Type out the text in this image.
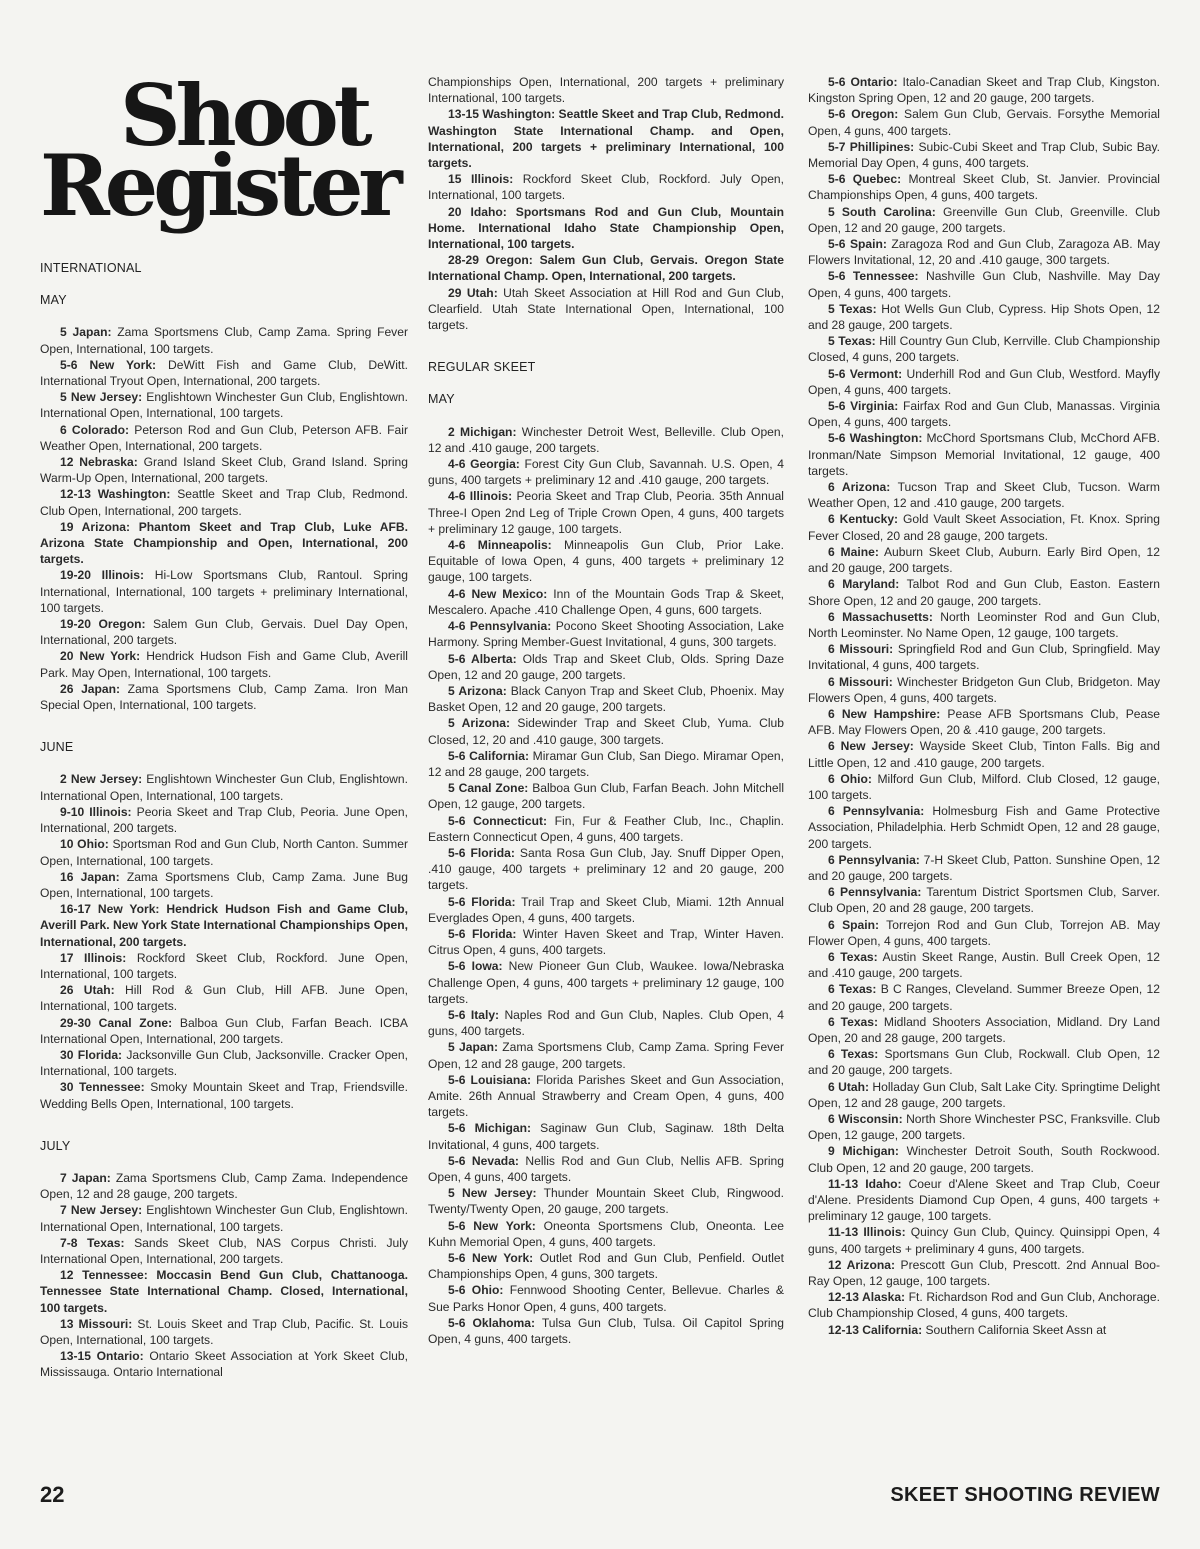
Shoot
Register

INTERNATIONAL

MAY

5 Japan: Zama Sportsmens Club, Camp Zama. Spring Fever Open, International, 100 targets.

5-6 New York: DeWitt Fish and Game Club, DeWitt. International Tryout Open, International, 200 targets.

5 New Jersey: Englishtown Winchester Gun Club, Englishtown. International Open, International, 100 targets.

6 Colorado: Peterson Rod and Gun Club, Peterson AFB. Fair Weather Open, International, 200 targets.

12 Nebraska: Grand Island Skeet Club, Grand Island. Spring Warm-Up Open, International, 200 targets.

12-13 Washington: Seattle Skeet and Trap Club, Redmond. Club Open, International, 200 targets.

19 Arizona: Phantom Skeet and Trap Club, Luke AFB. Arizona State Championship and Open, International, 200 targets.

19-20 Illinois: Hi-Low Sportsmans Club, Rantoul. Spring International, International, 100 targets + preliminary International, 100 targets.

19-20 Oregon: Salem Gun Club, Gervais. Duel Day Open, International, 200 targets.

20 New York: Hendrick Hudson Fish and Game Club, Averill Park. May Open, International, 100 targets.

26 Japan: Zama Sportsmens Club, Camp Zama. Iron Man Special Open, International, 100 targets.

JUNE

2 New Jersey: Englishtown Winchester Gun Club, Englishtown. International Open, International, 100 targets.

9-10 Illinois: Peoria Skeet and Trap Club, Peoria. June Open, International, 200 targets.

10 Ohio: Sportsman Rod and Gun Club, North Canton. Summer Open, International, 100 targets.

16 Japan: Zama Sportsmens Club, Camp Zama. June Bug Open, International, 100 targets.

16-17 New York: Hendrick Hudson Fish and Game Club, Averill Park. New York State International Championships Open, International, 200 targets.

17 Illinois: Rockford Skeet Club, Rockford. June Open, International, 100 targets.

26 Utah: Hill Rod & Gun Club, Hill AFB. June Open, International, 100 targets.

29-30 Canal Zone: Balboa Gun Club, Farfan Beach. ICBA International Open, International, 200 targets.

30 Florida: Jacksonville Gun Club, Jacksonville. Cracker Open, International, 100 targets.

30 Tennessee: Smoky Mountain Skeet and Trap, Friendsville. Wedding Bells Open, International, 100 targets.

JULY

7 Japan: Zama Sportsmens Club, Camp Zama. Independence Open, 12 and 28 gauge, 200 targets.

7 New Jersey: Englishtown Winchester Gun Club, Englishtown. International Open, International, 100 targets.

7-8 Texas: Sands Skeet Club, NAS Corpus Christi. July International Open, International, 200 targets.

12 Tennessee: Moccasin Bend Gun Club, Chattanooga. Tennessee State International Champ. Closed, International, 100 targets.

13 Missouri: St. Louis Skeet and Trap Club, Pacific. St. Louis Open, International, 100 targets.

13-15 Ontario: Ontario Skeet Association at York Skeet Club, Mississauga. Ontario International

Championships Open, International, 200 targets + preliminary International, 100 targets.

13-15 Washington: Seattle Skeet and Trap Club, Redmond. Washington State International Champ. and Open, International, 200 targets + preliminary International, 100 targets.

15 Illinois: Rockford Skeet Club, Rockford. July Open, International, 100 targets.

20 Idaho: Sportsmans Rod and Gun Club, Mountain Home. International Idaho State Championship Open, International, 100 targets.

28-29 Oregon: Salem Gun Club, Gervais. Oregon State International Champ. Open, International, 200 targets.

29 Utah: Utah Skeet Association at Hill Rod and Gun Club, Clearfield. Utah State International Open, International, 100 targets.

REGULAR SKEET

MAY

2 Michigan: Winchester Detroit West, Belleville. Club Open, 12 and .410 gauge, 200 targets.

4-6 Georgia: Forest City Gun Club, Savannah. U.S. Open, 4 guns, 400 targets + preliminary 12 and .410 gauge, 200 targets.

4-6 Illinois: Peoria Skeet and Trap Club, Peoria. 35th Annual Three-I Open 2nd Leg of Triple Crown Open, 4 guns, 400 targets + preliminary 12 gauge, 100 targets.

4-6 Minneapolis: Minneapolis Gun Club, Prior Lake. Equitable of Iowa Open, 4 guns, 400 targets + preliminary 12 gauge, 100 targets.

4-6 New Mexico: Inn of the Mountain Gods Trap & Skeet, Mescalero. Apache .410 Challenge Open, 4 guns, 600 targets.

4-6 Pennsylvania: Pocono Skeet Shooting Association, Lake Harmony. Spring Member-Guest Invitational, 4 guns, 300 targets.

5-6 Alberta: Olds Trap and Skeet Club, Olds. Spring Daze Open, 12 and 20 gauge, 200 targets.

5 Arizona: Black Canyon Trap and Skeet Club, Phoenix. May Basket Open, 12 and 20 gauge, 200 targets.

5 Arizona: Sidewinder Trap and Skeet Club, Yuma. Club Closed, 12, 20 and .410 gauge, 300 targets.

5-6 California: Miramar Gun Club, San Diego. Miramar Open, 12 and 28 gauge, 200 targets.

5 Canal Zone: Balboa Gun Club, Farfan Beach. John Mitchell Open, 12 gauge, 200 targets.

5-6 Connecticut: Fin, Fur & Feather Club, Inc., Chaplin. Eastern Connecticut Open, 4 guns, 400 targets.

5-6 Florida: Santa Rosa Gun Club, Jay. Snuff Dipper Open, .410 gauge, 400 targets + preliminary 12 and 20 gauge, 200 targets.

5-6 Florida: Trail Trap and Skeet Club, Miami. 12th Annual Everglades Open, 4 guns, 400 targets.

5-6 Florida: Winter Haven Skeet and Trap, Winter Haven. Citrus Open, 4 guns, 400 targets.

5-6 Iowa: New Pioneer Gun Club, Waukee. Iowa/Nebraska Challenge Open, 4 guns, 400 targets + preliminary 12 gauge, 100 targets.

5-6 Italy: Naples Rod and Gun Club, Naples. Club Open, 4 guns, 400 targets.

5 Japan: Zama Sportsmens Club, Camp Zama. Spring Fever Open, 12 and 28 gauge, 200 targets.

5-6 Louisiana: Florida Parishes Skeet and Gun Association, Amite. 26th Annual Strawberry and Cream Open, 4 guns, 400 targets.

5-6 Michigan: Saginaw Gun Club, Saginaw. 18th Delta Invitational, 4 guns, 400 targets.

5-6 Nevada: Nellis Rod and Gun Club, Nellis AFB. Spring Open, 4 guns, 400 targets.

5 New Jersey: Thunder Mountain Skeet Club, Ringwood. Twenty/Twenty Open, 20 gauge, 200 targets.

5-6 New York: Oneonta Sportsmens Club, Oneonta. Lee Kuhn Memorial Open, 4 guns, 400 targets.

5-6 New York: Outlet Rod and Gun Club, Penfield. Outlet Championships Open, 4 guns, 300 targets.

5-6 Ohio: Fennwood Shooting Center, Bellevue. Charles & Sue Parks Honor Open, 4 guns, 400 targets.

5-6 Oklahoma: Tulsa Gun Club, Tulsa. Oil Capitol Spring Open, 4 guns, 400 targets.

5-6 Ontario: Italo-Canadian Skeet and Trap Club, Kingston. Kingston Spring Open, 12 and 20 gauge, 200 targets.

5-6 Oregon: Salem Gun Club, Gervais. Forsythe Memorial Open, 4 guns, 400 targets.

5-7 Phillipines: Subic-Cubi Skeet and Trap Club, Subic Bay. Memorial Day Open, 4 guns, 400 targets.

5-6 Quebec: Montreal Skeet Club, St. Janvier. Provincial Championships Open, 4 guns, 400 targets.

5 South Carolina: Greenville Gun Club, Greenville. Club Open, 12 and 20 gauge, 200 targets.

5-6 Spain: Zaragoza Rod and Gun Club, Zaragoza AB. May Flowers Invitational, 12, 20 and .410 gauge, 300 targets.

5-6 Tennessee: Nashville Gun Club, Nashville. May Day Open, 4 guns, 400 targets.

5 Texas: Hot Wells Gun Club, Cypress. Hip Shots Open, 12 and 28 gauge, 200 targets.

5 Texas: Hill Country Gun Club, Kerrville. Club Championship Closed, 4 guns, 200 targets.

5-6 Vermont: Underhill Rod and Gun Club, Westford. Mayfly Open, 4 guns, 400 targets.

5-6 Virginia: Fairfax Rod and Gun Club, Manassas. Virginia Open, 4 guns, 400 targets.

5-6 Washington: McChord Sportsmans Club, McChord AFB. Ironman/Nate Simpson Memorial Invitational, 12 gauge, 400 targets.

6 Arizona: Tucson Trap and Skeet Club, Tucson. Warm Weather Open, 12 and .410 gauge, 200 targets.

6 Kentucky: Gold Vault Skeet Association, Ft. Knox. Spring Fever Closed, 20 and 28 gauge, 200 targets.

6 Maine: Auburn Skeet Club, Auburn. Early Bird Open, 12 and 20 gauge, 200 targets.

6 Maryland: Talbot Rod and Gun Club, Easton. Eastern Shore Open, 12 and 20 gauge, 200 targets.

6 Massachusetts: North Leominster Rod and Gun Club, North Leominster. No Name Open, 12 gauge, 100 targets.

6 Missouri: Springfield Rod and Gun Club, Springfield. May Invitational, 4 guns, 400 targets.

6 Missouri: Winchester Bridgeton Gun Club, Bridgeton. May Flowers Open, 4 guns, 400 targets.

6 New Hampshire: Pease AFB Sportsmans Club, Pease AFB. May Flowers Open, 20 & .410 gauge, 200 targets.

6 New Jersey: Wayside Skeet Club, Tinton Falls. Big and Little Open, 12 and .410 gauge, 200 targets.

6 Ohio: Milford Gun Club, Milford. Club Closed, 12 gauge, 100 targets.

6 Pennsylvania: Holmesburg Fish and Game Protective Association, Philadelphia. Herb Schmidt Open, 12 and 28 gauge, 200 targets.

6 Pennsylvania: 7-H Skeet Club, Patton. Sunshine Open, 12 and 20 gauge, 200 targets.

6 Pennsylvania: Tarentum District Sportsmen Club, Sarver. Club Open, 20 and 28 gauge, 200 targets.

6 Spain: Torrejon Rod and Gun Club, Torrejon AB. May Flower Open, 4 guns, 400 targets.

6 Texas: Austin Skeet Range, Austin. Bull Creek Open, 12 and .410 gauge, 200 targets.

6 Texas: B C Ranges, Cleveland. Summer Breeze Open, 12 and 20 gauge, 200 targets.

6 Texas: Midland Shooters Association, Midland. Dry Land Open, 20 and 28 gauge, 200 targets.

6 Texas: Sportsmans Gun Club, Rockwall. Club Open, 12 and 20 gauge, 200 targets.

6 Utah: Holladay Gun Club, Salt Lake City. Springtime Delight Open, 12 and 28 gauge, 200 targets.

6 Wisconsin: North Shore Winchester PSC, Franksville. Club Open, 12 gauge, 200 targets.

9 Michigan: Winchester Detroit South, South Rockwood. Club Open, 12 and 20 gauge, 200 targets.

11-13 Idaho: Coeur d'Alene Skeet and Trap Club, Coeur d'Alene. Presidents Diamond Cup Open, 4 guns, 400 targets + preliminary 12 gauge, 100 targets.

11-13 Illinois: Quincy Gun Club, Quincy. Quinsippi Open, 4 guns, 400 targets + preliminary 4 guns, 400 targets.

12 Arizona: Prescott Gun Club, Prescott. 2nd Annual Boo-Ray Open, 12 gauge, 100 targets.

12-13 Alaska: Ft. Richardson Rod and Gun Club, Anchorage. Club Championship Closed, 4 guns, 400 targets.

12-13 California: Southern California Skeet Assn at

22	SKEET SHOOTING REVIEW
